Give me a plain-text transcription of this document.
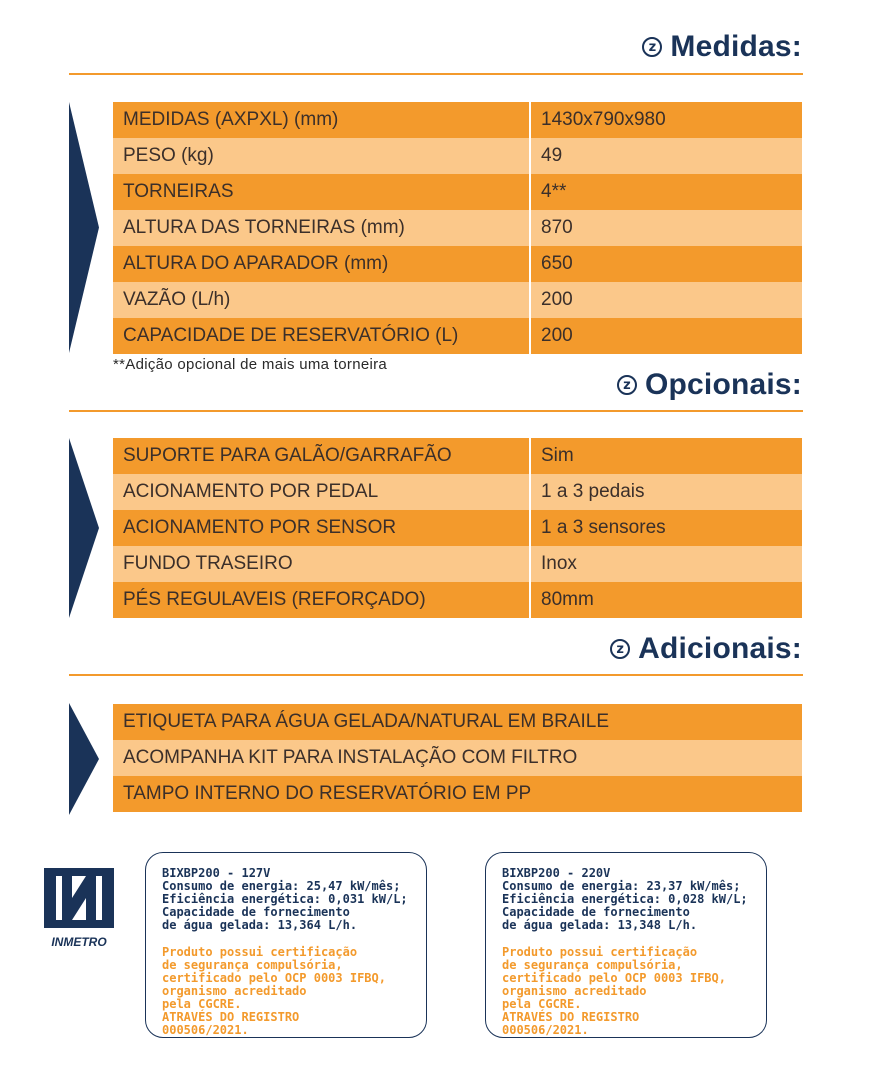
z Medidas:
MEDIDAS (AXPXL) (mm)	1430x790x980
PESO (kg)	49
TORNEIRAS	4**
ALTURA DAS TORNEIRAS (mm)	870
ALTURA DO APARADOR (mm)	650
VAZÃO (L/h)	200
CAPACIDADE DE RESERVATÓRIO (L)	200
**Adição opcional de mais uma torneira
z Opcionais:
SUPORTE PARA GALÃO/GARRAFÃO	Sim
ACIONAMENTO POR PEDAL	1 a 3 pedais
ACIONAMENTO POR SENSOR	1 a 3 sensores
FUNDO TRASEIRO	Inox
PÉS REGULAVEIS (REFORÇADO)	80mm
z Adicionais:
ETIQUETA PARA ÁGUA GELADA/NATURAL EM BRAILE
ACOMPANHA KIT PARA INSTALAÇÃO COM FILTRO
TAMPO INTERNO DO RESERVATÓRIO EM PP
INMETRO
BIXBP200 - 127V
Consumo de energia: 25,47 kW/mês;
Eficiência energética: 0,031 kW/L;
Capacidade de fornecimento
de água gelada: 13,364 L/h.
Produto possui certificação
de segurança compulsória,
certificado pelo OCP 0003 IFBQ,
organismo acreditado
pela CGCRE.
ATRAVÉS DO REGISTRO
000506/2021.
BIXBP200 - 220V
Consumo de energia: 23,37 kW/mês;
Eficiência energética: 0,028 kW/L;
Capacidade de fornecimento
de água gelada: 13,348 L/h.
Produto possui certificação
de segurança compulsória,
certificado pelo OCP 0003 IFBQ,
organismo acreditado
pela CGCRE.
ATRAVÉS DO REGISTRO
000506/2021.
